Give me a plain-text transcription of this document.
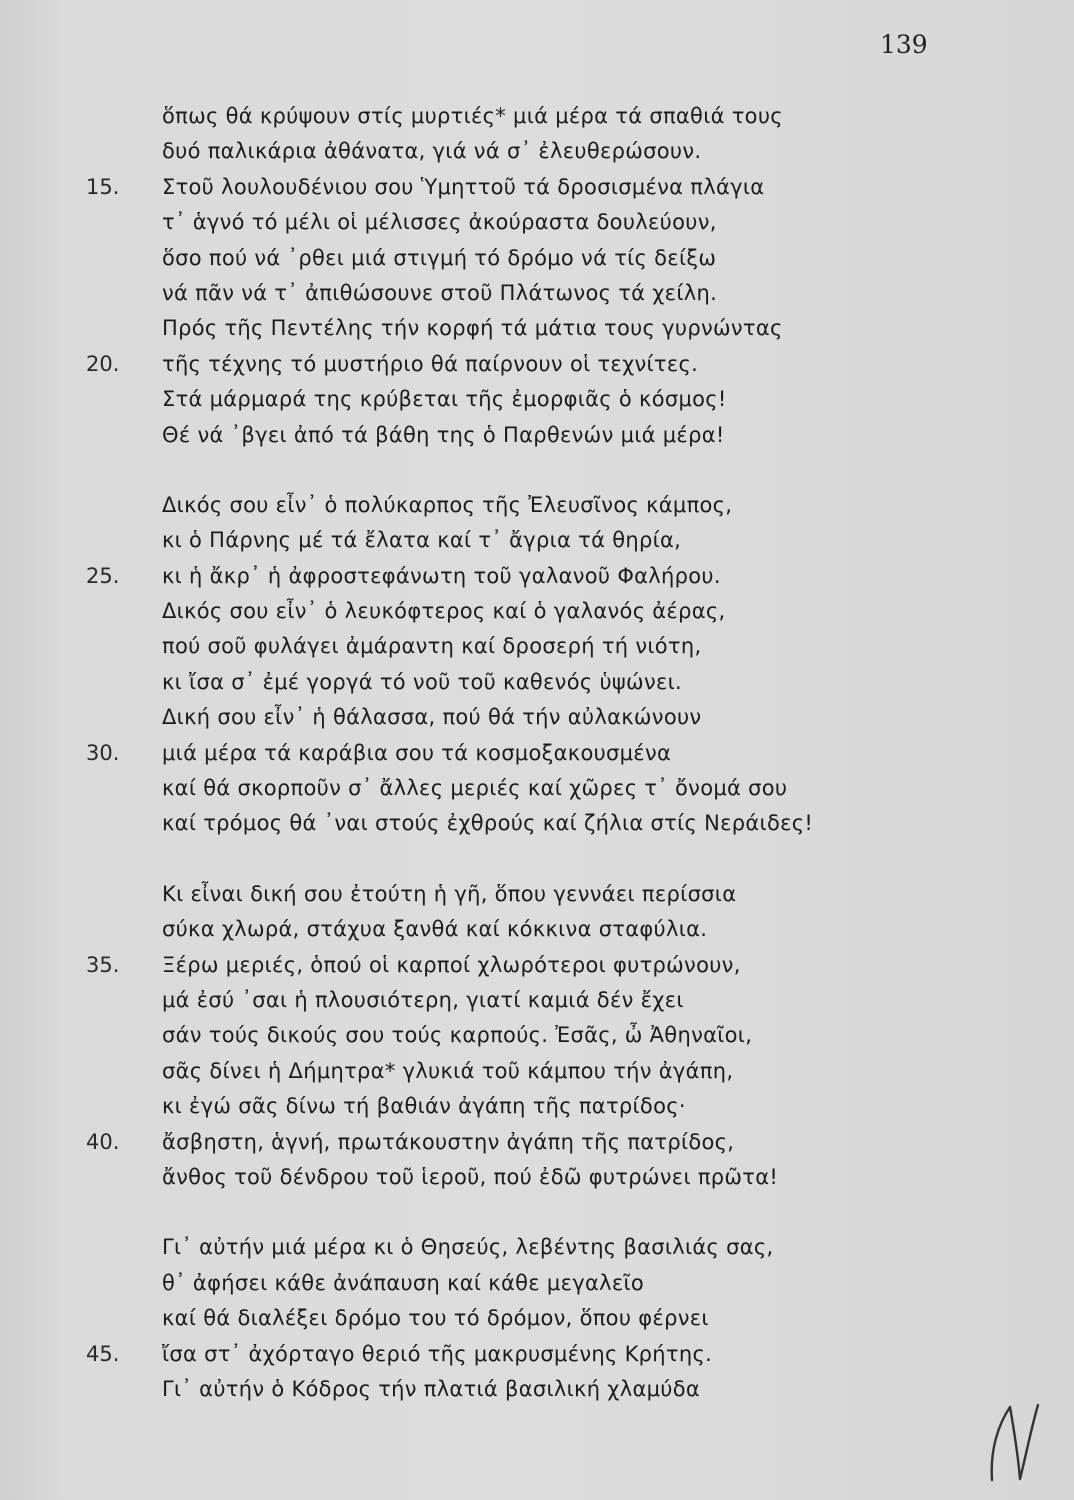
139
ὅπως θά κρύψουν στίς μυρτιές* μιά μέρα τά σπαθιά τους
δυό παλικάρια ἀθάνατα, γιά νά σ᾽ ἐλευθερώσουν.
15. Στοῦ λουλουδένιου σου Ὑμηττοῦ τά δροσισμένα πλάγια
τ᾽ ἁγνό τό μέλι οἱ μέλισσες ἀκούραστα δουλεύουν,
ὅσο πού νά ᾽ρθει μιά στιγμή τό δρόμο νά τίς δείξω
νά πᾶν νά τ᾽ ἀπιθώσουνε στοῦ Πλάτωνος τά χείλη.
Πρός τῆς Πεντέλης τήν κορφή τά μάτια τους γυρνώντας
20. τῆς τέχνης τό μυστήριο θά παίρνουν οἱ τεχνίτες.
Στά μάρμαρά της κρύβεται τῆς ἐμορφιᾶς ὁ κόσμος!
Θέ νά ᾽βγει ἀπό τά βάθη της ὁ Παρθενών μιά μέρα!
Δικός σου εἶν᾽ ὁ πολύκαρπος τῆς Ἐλευσῖνος κάμπος,
κι ὁ Πάρνης μέ τά ἔλατα καί τ᾽ ἄγρια τά θηρία,
25. κι ἡ ἄκρ᾽ ἡ ἀφροστεφάνωτη τοῦ γαλανοῦ Φαλήρου.
Δικός σου εἶν᾽ ὁ λευκόφτερος καί ὁ γαλανός ἀέρας,
πού σοῦ φυλάγει ἀμάραντη καί δροσερή τή νιότη,
κι ἴσα σ᾽ ἐμέ γοργά τό νοῦ τοῦ καθενός ὑψώνει.
Δική σου εἶν᾽ ἡ θάλασσα, πού θά τήν αὐλακώνουν
30. μιά μέρα τά καράβια σου τά κοσμοξακουσμένα
καί θά σκορποῦν σ᾽ ἄλλες μεριές καί χῶρες τ᾽ ὄνομά σου
καί τρόμος θά ᾽ναι στούς ἐχθρούς καί ζήλια στίς Νεράιδες!
Κι εἶναι δική σου ἐτούτη ἡ γῆ, ὅπου γεννάει περίσσια
σύκα χλωρά, στάχυα ξανθά καί κόκκινα σταφύλια.
35. Ξέρω μεριές, ὁπού οἱ καρποί χλωρότεροι φυτρώνουν,
μά ἐσύ ᾽σαι ἡ πλουσιότερη, γιατί καμιά δέν ἔχει
σάν τούς δικούς σου τούς καρπούς. Ἐσᾶς, ὦ Ἀθηναῖοι,
σᾶς δίνει ἡ Δήμητρα* γλυκιά τοῦ κάμπου τήν ἀγάπη,
κι ἐγώ σᾶς δίνω τή βαθιάν ἀγάπη τῆς πατρίδος·
40. ἄσβηστη, ἁγνή, πρωτάκουστην ἀγάπη τῆς πατρίδος,
ἄνθος τοῦ δένδρου τοῦ ἱεροῦ, πού ἐδῶ φυτρώνει πρῶτα!
Γι᾽ αὐτήν μιά μέρα κι ὁ Θησεύς, λεβέντης βασιλιάς σας,
θ᾽ ἀφήσει κάθε ἀνάπαυση καί κάθε μεγαλεῖο
καί θά διαλέξει δρόμο του τό δρόμον, ὅπου φέρνει
45. ἴσα στ᾽ ἀχόρταγο θεριό τῆς μακρυσμένης Κρήτης.
Γι᾽ αὐτήν ὁ Κόδρος τήν πλατιά βασιλική χλαμύδα
